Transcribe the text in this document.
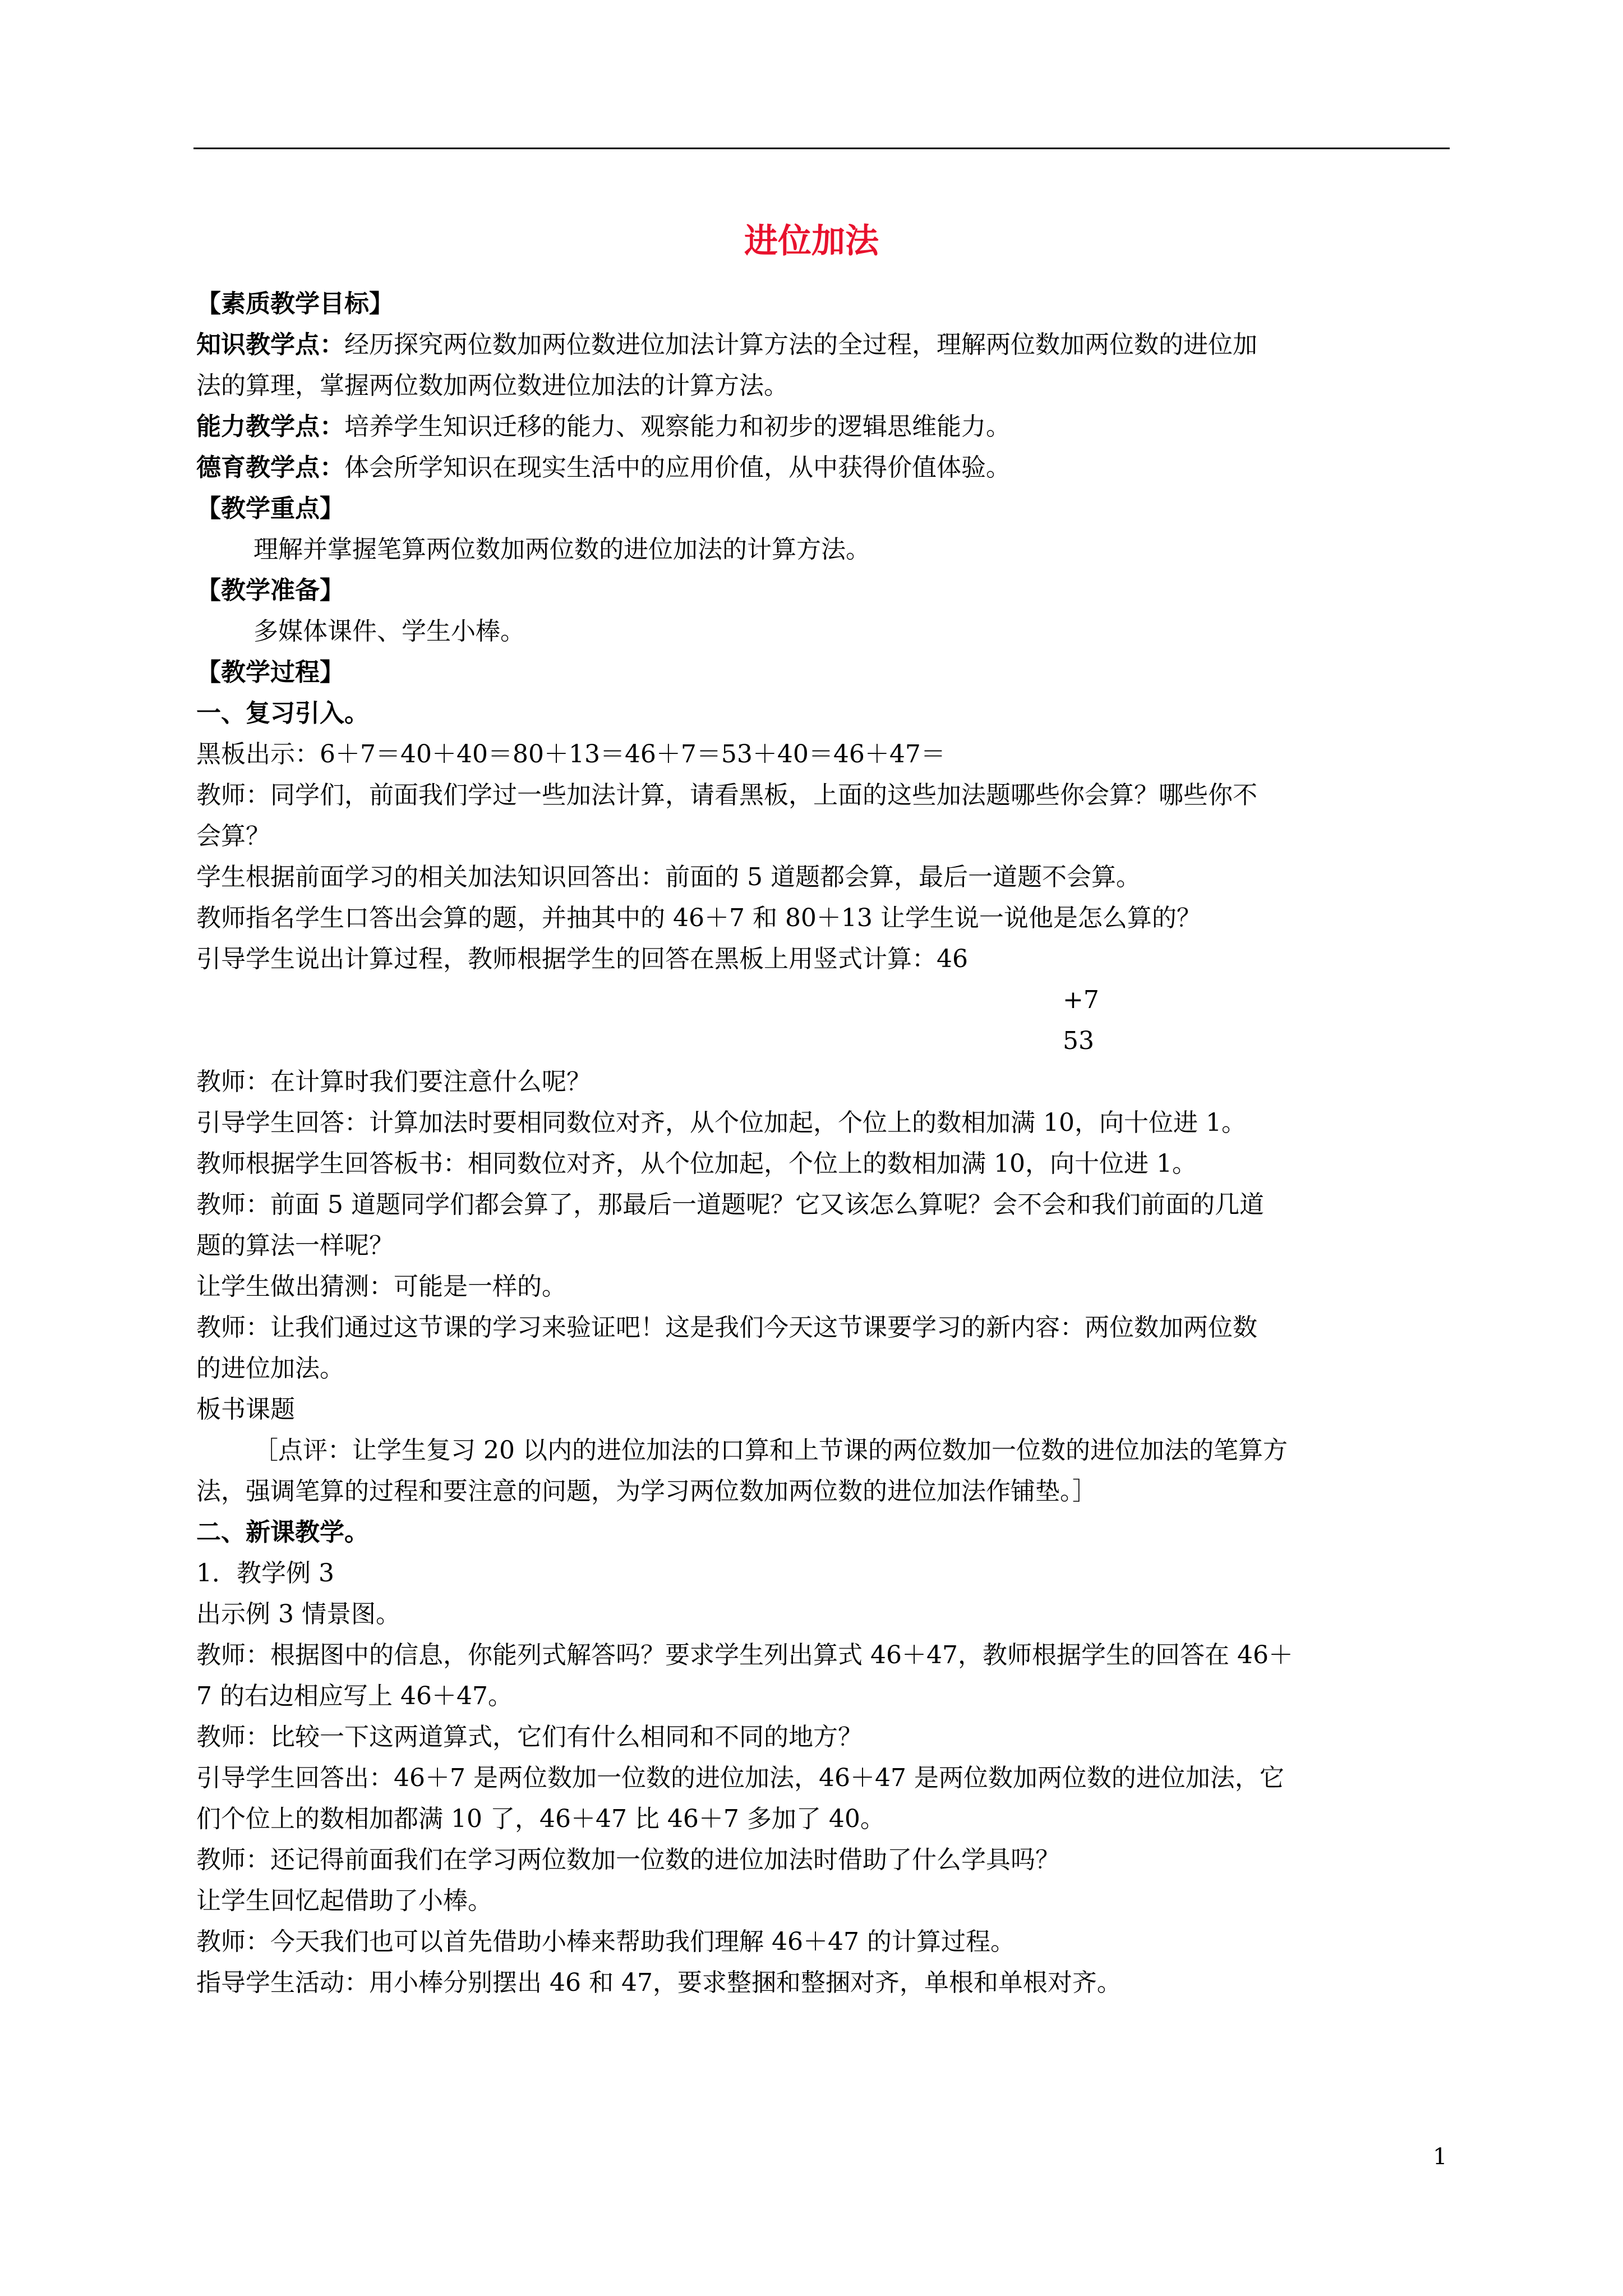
进位加法

【素质教学目标】

知识教学点：经历探究两位数加两位数进位加法计算方法的全过程，理解两位数加两位数的进位加

法的算理，掌握两位数加两位数进位加法的计算方法。

能力教学点：培养学生知识迁移的能力、观察能力和初步的逻辑思维能力。

德育教学点：体会所学知识在现实生活中的应用价值，从中获得价值体验。

【教学重点】

理解并掌握笔算两位数加两位数的进位加法的计算方法。

【教学准备】

多媒体课件、学生小棒。

【教学过程】

一、复习引入。

黑板出示：6＋7＝40＋40＝80＋13＝46＋7＝53＋40＝46＋47＝

教师：同学们，前面我们学过一些加法计算，请看黑板，上面的这些加法题哪些你会算？哪些你不

会算？

学生根据前面学习的相关加法知识回答出：前面的 5 道题都会算，最后一道题不会算。

教师指名学生口答出会算的题，并抽其中的 46＋7 和 80＋13 让学生说一说他是怎么算的？

引导学生说出计算过程，教师根据学生的回答在黑板上用竖式计算：46

+7
53

教师：在计算时我们要注意什么呢？

引导学生回答：计算加法时要相同数位对齐，从个位加起，个位上的数相加满 10，向十位进 1。

教师根据学生回答板书：相同数位对齐，从个位加起，个位上的数相加满 10，向十位进 1。

教师：前面 5 道题同学们都会算了，那最后一道题呢？它又该怎么算呢？会不会和我们前面的几道

题的算法一样呢？

让学生做出猜测：可能是一样的。

教师：让我们通过这节课的学习来验证吧！这是我们今天这节课要学习的新内容：两位数加两位数

的进位加法。

板书课题

［点评：让学生复习 20 以内的进位加法的口算和上节课的两位数加一位数的进位加法的笔算方

法，强调笔算的过程和要注意的问题，为学习两位数加两位数的进位加法作铺垫。］

二、新课教学。

1．教学例 3

出示例 3 情景图。

教师：根据图中的信息，你能列式解答吗？要求学生列出算式 46＋47，教师根据学生的回答在 46＋

7 的右边相应写上 46＋47。

教师：比较一下这两道算式，它们有什么相同和不同的地方？

引导学生回答出：46＋7 是两位数加一位数的进位加法，46＋47 是两位数加两位数的进位加法，它

们个位上的数相加都满 10 了，46＋47 比 46＋7 多加了 40。

教师：还记得前面我们在学习两位数加一位数的进位加法时借助了什么学具吗？

让学生回忆起借助了小棒。

教师：今天我们也可以首先借助小棒来帮助我们理解 46＋47 的计算过程。

指导学生活动：用小棒分别摆出 46 和 47，要求整捆和整捆对齐，单根和单根对齐。

1
